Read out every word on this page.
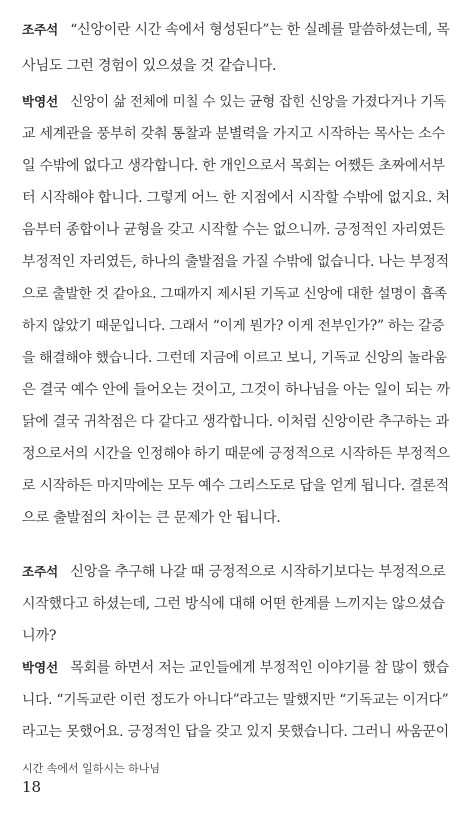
조주석 “신앙이란 시간 속에서 형성된다”는 한 실례를 말씀하셨는데, 목
사님도 그런 경험이 있으셨을 것 같습니다.
박영선 신앙이 삶 전체에 미칠 수 있는 균형 잡힌 신앙을 가졌다거나 기독
교 세계관을 풍부히 갖춰 통찰과 분별력을 가지고 시작하는 목사는 소수
일 수밖에 없다고 생각합니다. 한 개인으로서 목회는 어쨌든 초짜에서부
터 시작해야 합니다. 그렇게 어느 한 지점에서 시작할 수밖에 없지요. 처
음부터 종합이나 균형을 갖고 시작할 수는 없으니까. 긍정적인 자리였든
부정적인 자리였든, 하나의 출발점을 가질 수밖에 없습니다. 나는 부정적
으로 출발한 것 같아요. 그때까지 제시된 기독교 신앙에 대한 설명이 흡족
하지 않았기 때문입니다. 그래서 “이게 뭔가? 이게 전부인가?” 하는 갈증
을 해결해야 했습니다. 그런데 지금에 이르고 보니, 기독교 신앙의 놀라움
은 결국 예수 안에 들어오는 것이고, 그것이 하나님을 아는 일이 되는 까
닭에 결국 귀착점은 다 같다고 생각합니다. 이처럼 신앙이란 추구하는 과
정으로서의 시간을 인정해야 하기 때문에 긍정적으로 시작하든 부정적으
로 시작하든 마지막에는 모두 예수 그리스도로 답을 얻게 됩니다. 결론적
으로 출발점의 차이는 큰 문제가 안 됩니다.
조주석 신앙을 추구해 나갈 때 긍정적으로 시작하기보다는 부정적으로
시작했다고 하셨는데, 그런 방식에 대해 어떤 한계를 느끼지는 않으셨습
니까?
박영선 목회를 하면서 저는 교인들에게 부정적인 이야기를 참 많이 했습
니다. “기독교란 이런 정도가 아니다”라고는 말했지만 “기독교는 이거다”
라고는 못했어요. 긍정적인 답을 갖고 있지 못했습니다. 그러니 싸움꾼이
시간 속에서 일하시는 하나님
18
